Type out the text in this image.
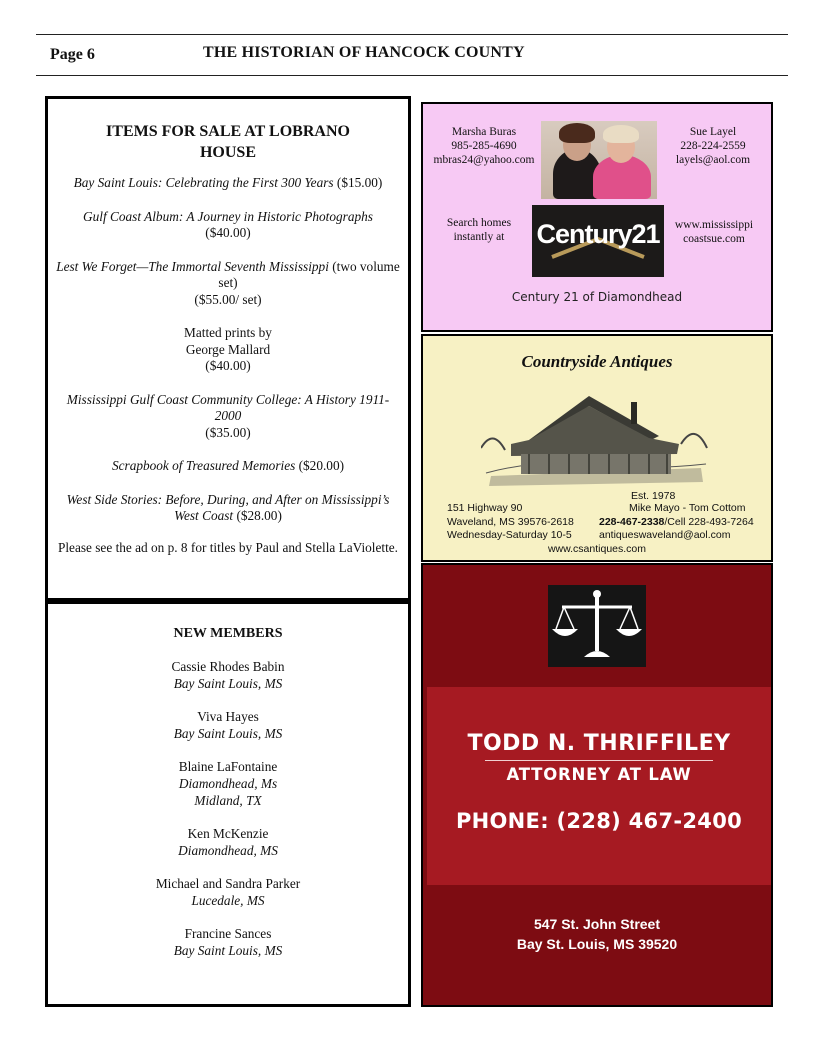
Page 6	THE HISTORIAN OF HANCOCK COUNTY
ITEMS FOR SALE AT LOBRANO
HOUSE
Bay Saint Louis: Celebrating the First 300 Years ($15.00)
Gulf Coast Album: A Journey in Historic Photographs
($40.00)
Lest We Forget—The Immortal Seventh Mississippi (two volume set)
($55.00/ set)
Matted prints by
George Mallard
($40.00)
Mississippi Gulf Coast Community College: A History 1911-2000
($35.00)
Scrapbook of Treasured Memories ($20.00)
West Side Stories: Before, During, and After on Mississippi’s West Coast ($28.00)
Please see the ad on p. 8 for titles by Paul and Stella LaViolette.
NEW MEMBERS
Cassie Rhodes Babin
Bay Saint Louis, MS
Viva Hayes
Bay Saint Louis, MS
Blaine LaFontaine
Diamondhead, Ms
Midland, TX
Ken McKenzie
Diamondhead, MS
Michael and Sandra Parker
Lucedale, MS
Francine Sances
Bay Saint Louis, MS
Marsha Buras
985-285-4690
mbras24@yahoo.com
Sue Layel
228-224-2559
layels@aol.com
Search homes
instantly at	Century21	www.mississippi
coastsue.com
Century 21 of Diamondhead
Countryside Antiques
Est. 1978
151 Highway 90
Waveland, MS 39576-2618
Wednesday-Saturday 10-5
Mike Mayo - Tom Cottom
228-467-2338/Cell 228-493-7264
antiqueswaveland@aol.com
www.csantiques.com
TODD N. THRIFFILEY
ATTORNEY AT LAW
PHONE: (228) 467-2400
547 St. John Street
Bay St. Louis, MS 39520
